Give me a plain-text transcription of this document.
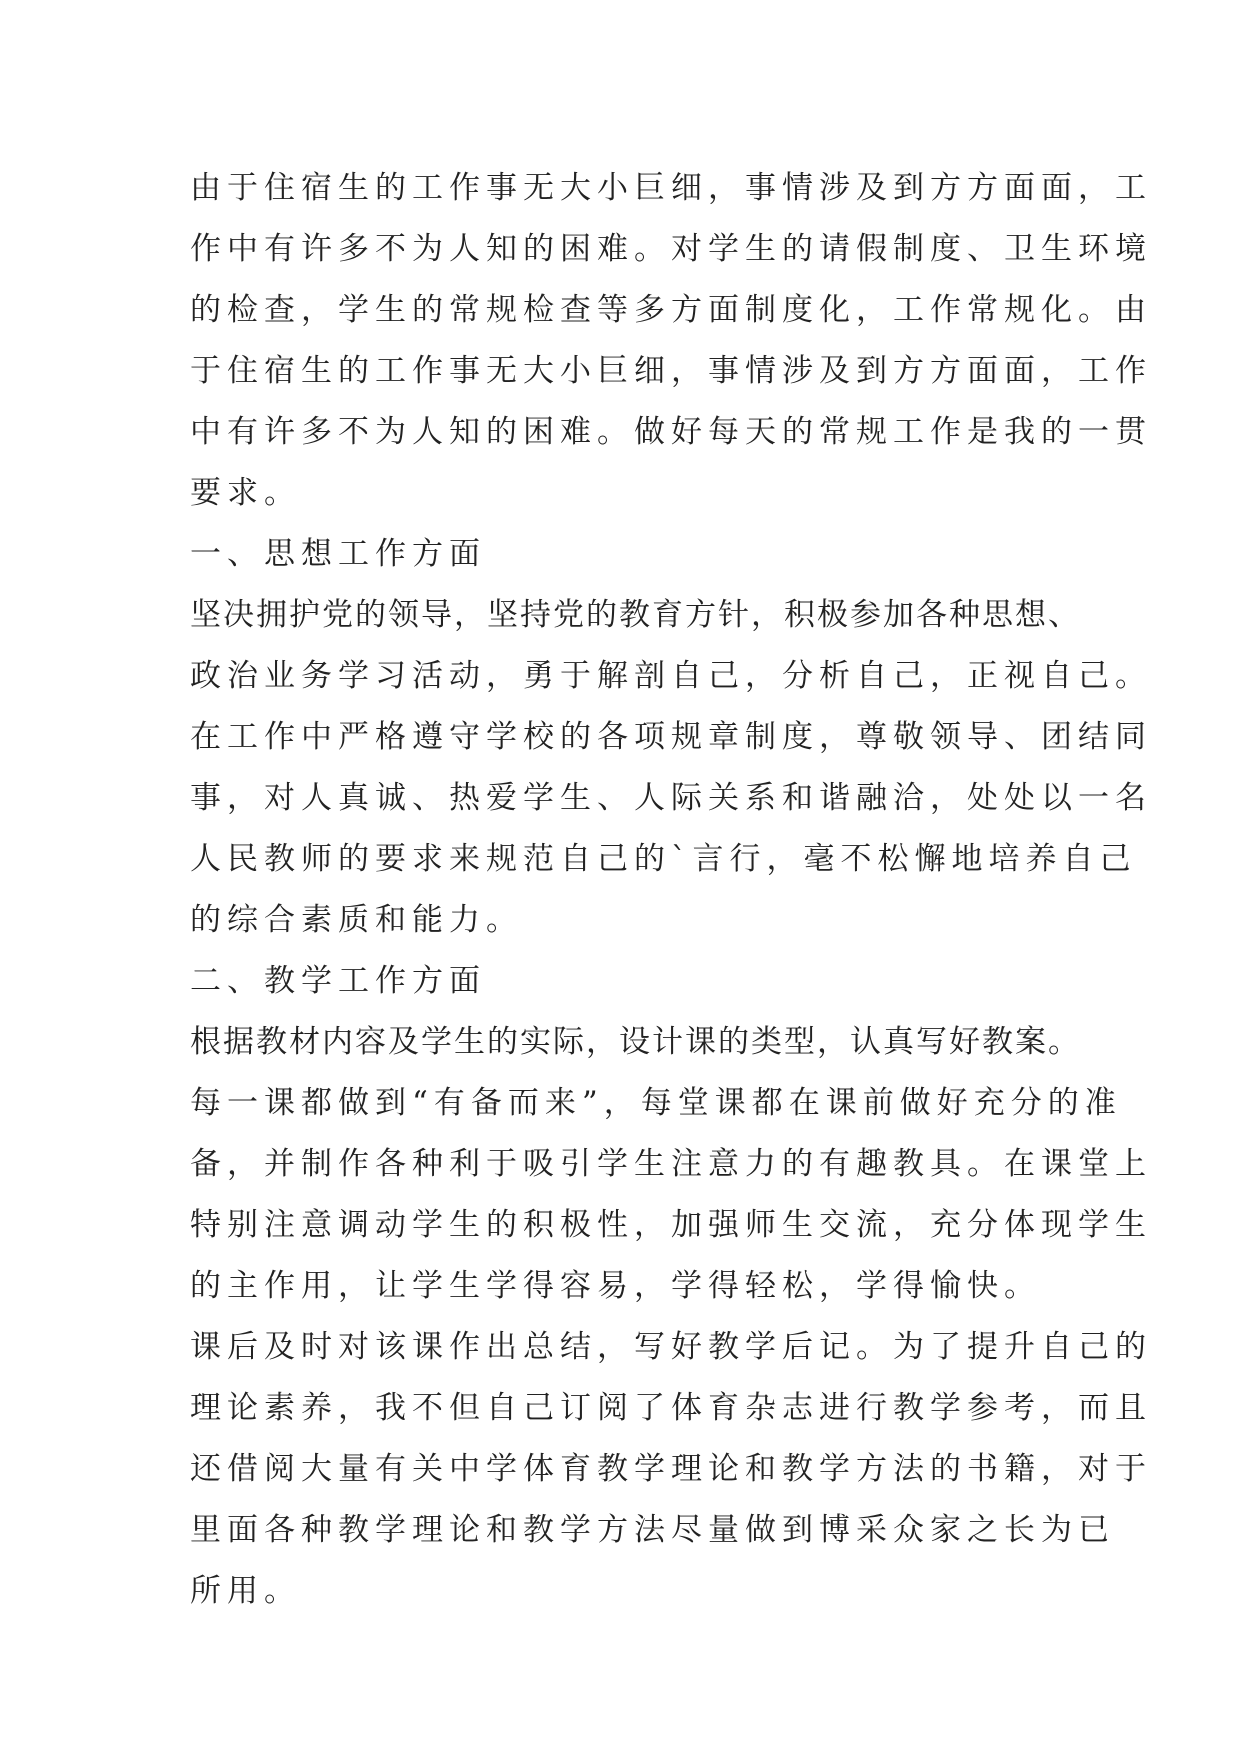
由于住宿生的工作事无大小巨细，事情涉及到方方面面，工
作中有许多不为人知的困难。对学生的请假制度、卫生环境
的检查，学生的常规检查等多方面制度化，工作常规化。由
于住宿生的工作事无大小巨细，事情涉及到方方面面，工作
中有许多不为人知的困难。做好每天的常规工作是我的一贯
要求。
一、思想工作方面
坚决拥护党的领导，坚持党的教育方针，积极参加各种思想、
政治业务学习活动，勇于解剖自己，分析自己，正视自己。
在工作中严格遵守学校的各项规章制度，尊敬领导、团结同
事，对人真诚、热爱学生、人际关系和谐融洽，处处以一名
人民教师的要求来规范自己的`言行，毫不松懈地培养自己
的综合素质和能力。
二、教学工作方面
根据教材内容及学生的实际，设计课的类型，认真写好教案。
每一课都做到“有备而来”，每堂课都在课前做好充分的准
备，并制作各种利于吸引学生注意力的有趣教具。在课堂上
特别注意调动学生的积极性，加强师生交流，充分体现学生
的主作用，让学生学得容易，学得轻松，学得愉快。
课后及时对该课作出总结，写好教学后记。为了提升自己的
理论素养，我不但自己订阅了体育杂志进行教学参考，而且
还借阅大量有关中学体育教学理论和教学方法的书籍，对于
里面各种教学理论和教学方法尽量做到博采众家之长为已
所用。
